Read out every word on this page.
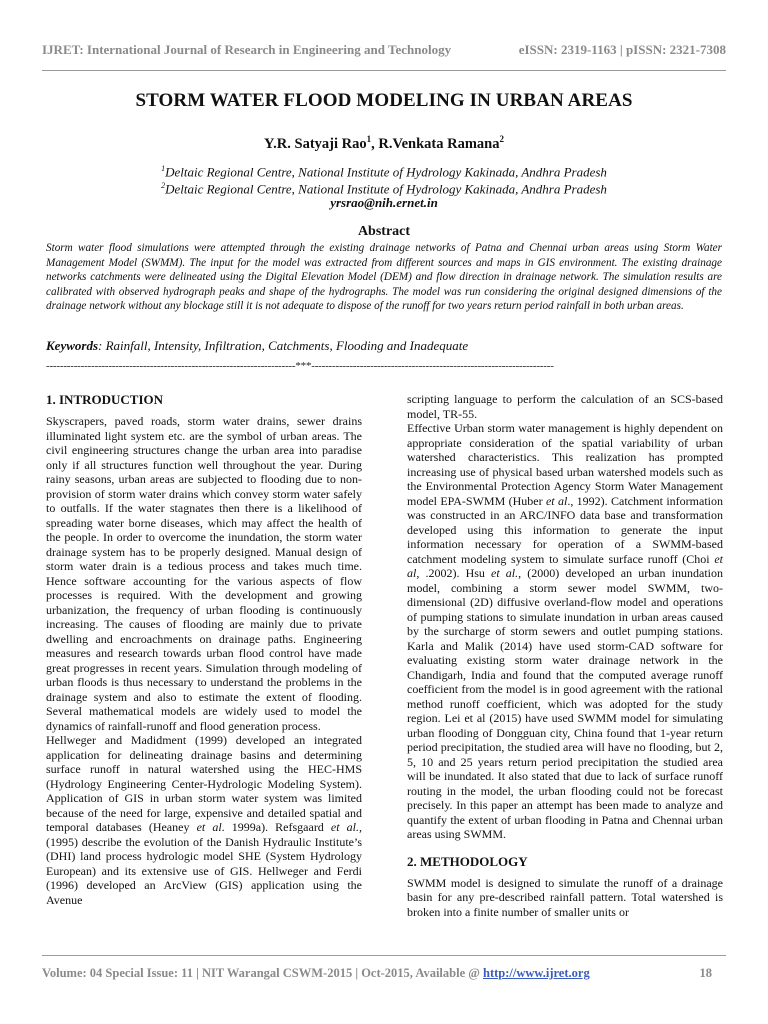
IJRET: International Journal of Research in Engineering and Technology	eISSN: 2319-1163 | pISSN: 2321-7308
STORM WATER FLOOD MODELING IN URBAN AREAS
Y.R. Satyaji Rao$^1$, R.Venkata Ramana$^2$
$^1$Deltaic Regional Centre, National Institute of Hydrology Kakinada, Andhra Pradesh
$^2$Deltaic Regional Centre, National Institute of Hydrology Kakinada, Andhra Pradesh
yrsrao@nih.ernet.in
Abstract
Storm water flood simulations were attempted through the existing drainage networks of Patna and Chennai urban areas using Storm Water Management Model (SWMM). The input for the model was extracted from different sources and maps in GIS environment. The existing drainage networks catchments were delineated using the Digital Elevation Model (DEM) and flow direction in drainage network. The simulation results are calibrated with observed hydrograph peaks and shape of the hydrographs. The model was run considering the original designed dimensions of the drainage network without any blockage still it is not adequate to dispose of the runoff for two years return period rainfall in both urban areas.
Keywords: Rainfall, Intensity, Infiltration, Catchments, Flooding and Inadequate
------------------------------------------------------------------------***----------------------------------------------------------------------
1. INTRODUCTION

Skyscrapers, paved roads, storm water drains, sewer drains illuminated light system etc. are the symbol of urban areas. The civil engineering structures change the urban area into paradise only if all structures function well throughout the year. During rainy seasons, urban areas are subjected to flooding due to non-provision of storm water drains which convey storm water safely to outfalls. If the water stagnates then there is a likelihood of spreading water borne diseases, which may affect the health of the people. In order to overcome the inundation, the storm water drainage system has to be properly designed. Manual design of storm water drain is a tedious process and takes much time. Hence software accounting for the various aspects of flow processes is required. With the development and growing urbanization, the frequency of urban flooding is continuously increasing. The causes of flooding are mainly due to private dwelling and encroachments on drainage paths. Engineering measures and research towards urban flood control have made great progresses in recent years. Simulation through modeling of urban floods is thus necessary to understand the problems in the drainage system and also to estimate the extent of flooding. Several mathematical models are widely used to model the dynamics of rainfall-runoff and flood generation process.

Hellweger and Madidment (1999) developed an integrated application for delineating drainage basins and determining surface runoff in natural watershed using the HEC-HMS (Hydrology Engineering Center-Hydrologic Modeling System). Application of GIS in urban storm water system was limited because of the need for large, expensive and detailed spatial and temporal databases (Heaney et al. 1999a). Refsgaard et al., (1995) describe the evolution of the Danish Hydraulic Institute’s (DHI) land process hydrologic model SHE (System Hydrology European) and its extensive use of GIS. Hellweger and Ferdi (1996) developed an ArcView (GIS) application using the Avenue

scripting language to perform the calculation of an SCS-based model, TR-55.

Effective Urban storm water management is highly dependent on appropriate consideration of the spatial variability of urban watershed characteristics. This realization has prompted increasing use of physical based urban watershed models such as the Environmental Protection Agency Storm Water Management model EPA-SWMM (Huber et al., 1992). Catchment information was constructed in an ARC/INFO data base and transformation developed using this information to generate the input information necessary for operation of a SWMM-based catchment modeling system to simulate surface runoff (Choi et al, .2002). Hsu et al., (2000) developed an urban inundation model, combining a storm sewer model SWMM, two-dimensional (2D) diffusive overland-flow model and operations of pumping stations to simulate inundation in urban areas caused by the surcharge of storm sewers and outlet pumping stations. Karla and Malik (2014) have used storm-CAD software for evaluating existing storm water drainage network in the Chandigarh, India and found that the computed average runoff coefficient from the model is in good agreement with the rational method runoff coefficient, which was adopted for the study region. Lei et al (2015) have used SWMM model for simulating urban flooding of Dongguan city, China found that 1-year return period precipitation, the studied area will have no flooding, but 2, 5, 10 and 25 years return period precipitation the studied area will be inundated. It also stated that due to lack of surface runoff routing in the model, the urban flooding could not be forecast precisely. In this paper an attempt has been made to analyze and quantify the extent of urban flooding in Patna and Chennai urban areas using SWMM.

2. METHODOLOGY

SWMM model is designed to simulate the runoff of a drainage basin for any pre-described rainfall pattern. Total watershed is broken into a finite number of smaller units or

Volume: 04 Special Issue: 11 | NIT Warangal CSWM-2015 | Oct-2015, Available @ http://www.ijret.org	18
